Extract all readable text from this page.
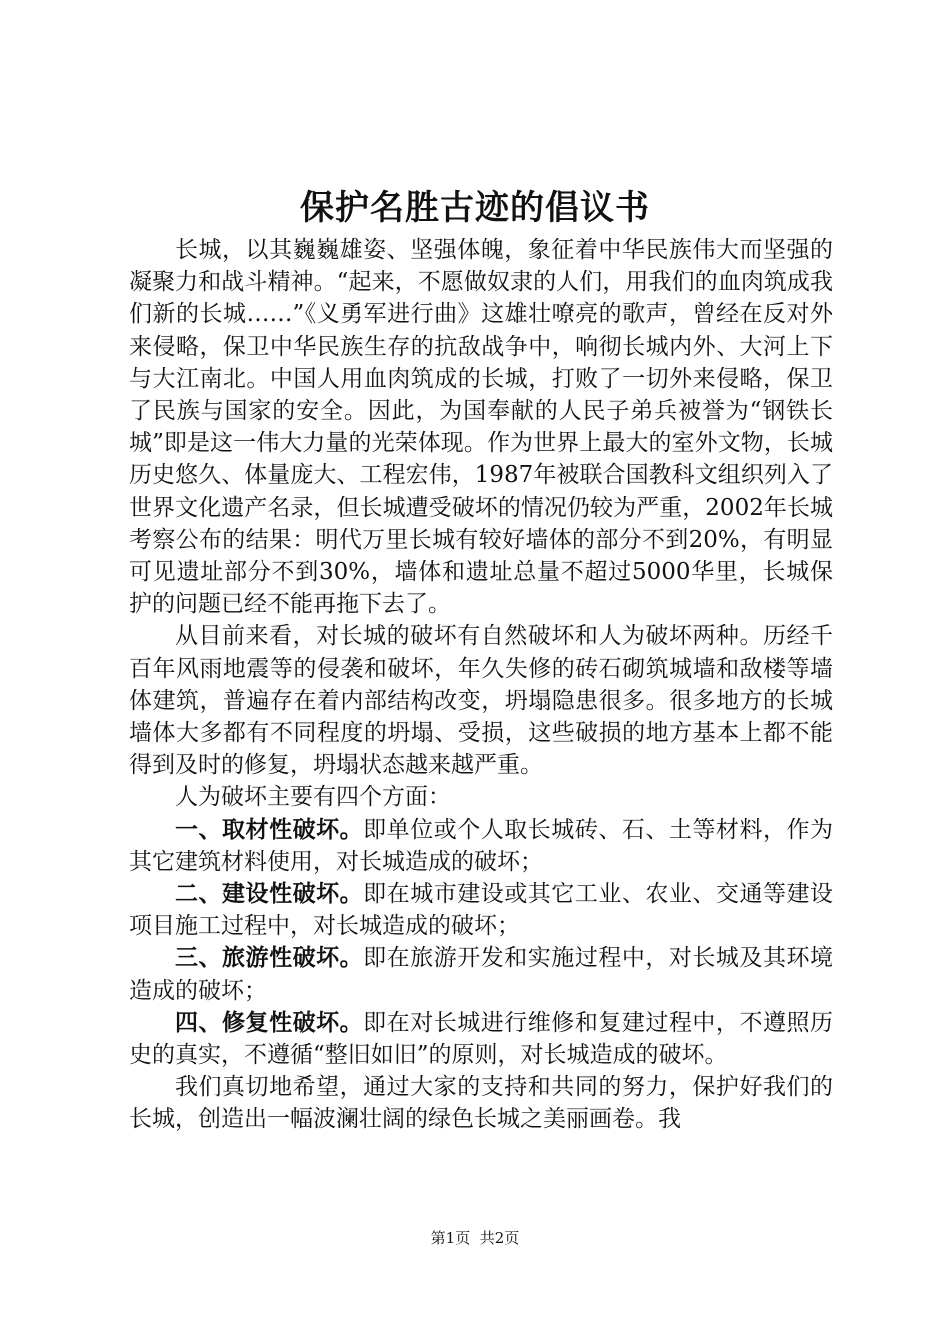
保护名胜古迹的倡议书

长城，以其巍巍雄姿、坚强体魄，象征着中华民族伟大而坚强的凝聚力和战斗精神。“起来，不愿做奴隶的人们，用我们的血肉筑成我们新的长城……”《义勇军进行曲》这雄壮嘹亮的歌声，曾经在反对外来侵略，保卫中华民族生存的抗敌战争中，响彻长城内外、大河上下与大江南北。中国人用血肉筑成的长城，打败了一切外来侵略，保卫了民族与国家的安全。因此，为国奉献的人民子弟兵被誉为“钢铁长城”即是这一伟大力量的光荣体现。作为世界上最大的室外文物，长城历史悠久、体量庞大、工程宏伟，1987年被联合国教科文组织列入了世界文化遗产名录，但长城遭受破坏的情况仍较为严重，2002年长城考察公布的结果：明代万里长城有较好墙体的部分不到20%，有明显可见遗址部分不到30%，墙体和遗址总量不超过5000华里，长城保护的问题已经不能再拖下去了。

从目前来看，对长城的破坏有自然破坏和人为破坏两种。历经千百年风雨地震等的侵袭和破坏，年久失修的砖石砌筑城墙和敌楼等墙体建筑，普遍存在着内部结构改变，坍塌隐患很多。很多地方的长城墙体大多都有不同程度的坍塌、受损，这些破损的地方基本上都不能得到及时的修复，坍塌状态越来越严重。

人为破坏主要有四个方面：

一、取材性破坏。即单位或个人取长城砖、石、土等材料，作为其它建筑材料使用，对长城造成的破坏；

二、建设性破坏。即在城市建设或其它工业、农业、交通等建设项目施工过程中，对长城造成的破坏；

三、旅游性破坏。即在旅游开发和实施过程中，对长城及其环境造成的破坏；

四、修复性破坏。即在对长城进行维修和复建过程中，不遵照历史的真实，不遵循“整旧如旧”的原则，对长城造成的破坏。

我们真切地希望，通过大家的支持和共同的努力，保护好我们的长城，创造出一幅波澜壮阔的绿色长城之美丽画卷。我

第1页 共2页
